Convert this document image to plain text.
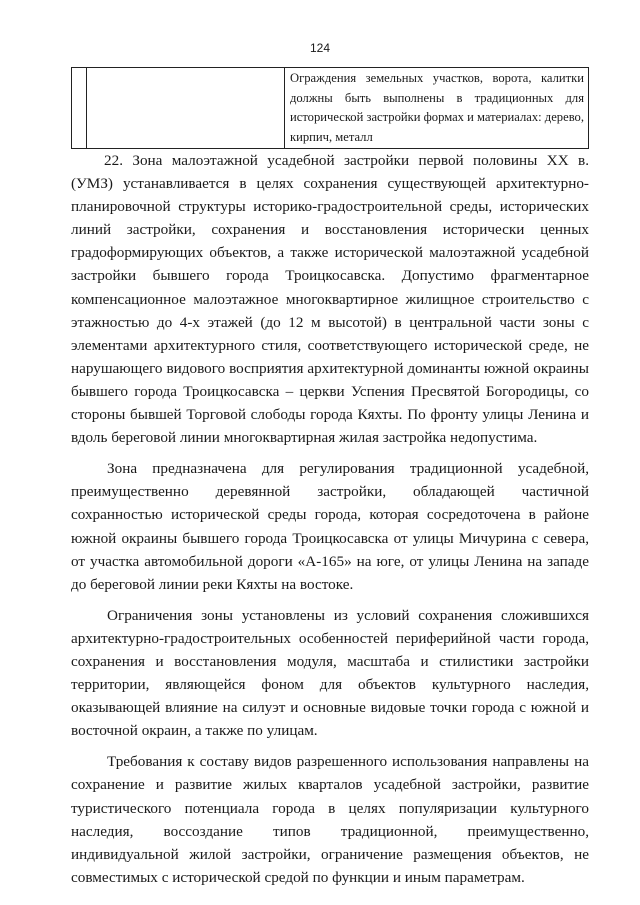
124
		Ограждения земельных участков, ворота, калитки должны быть выполнены в традиционных для исторической застройки формах и материалах: дерево, кирпич, металл

22. Зона малоэтажной усадебной застройки первой половины XX в. (УМЗ) устанавливается в целях сохранения существующей архитектурно-планировочной структуры историко-градостроительной среды, исторических линий застройки, сохранения и восстановления исторически ценных градоформирующих объектов, а также исторической малоэтажной усадебной застройки бывшего города Троицкосавска. Допустимо фрагментарное компенсационное малоэтажное многоквартирное жилищное строительство с этажностью до 4-х этажей (до 12 м высотой) в центральной части зоны с элементами архитектурного стиля, соответствующего исторической среде, не нарушающего видового восприятия архитектурной доминанты южной окраины бывшего города Троицкосавска – церкви Успения Пресвятой Богородицы, со стороны бывшей Торговой слободы города Кяхты. По фронту улицы Ленина и вдоль береговой линии многоквартирная жилая застройка недопустима.

Зона предназначена для регулирования традиционной усадебной, преимущественно деревянной застройки, обладающей частичной сохранностью исторической среды города, которая сосредоточена в районе южной окраины бывшего города Троицкосавска от улицы Мичурина с севера, от участка автомобильной дороги «А-165» на юге, от улицы Ленина на западе до береговой линии реки Кяхты на востоке.

Ограничения зоны установлены из условий сохранения сложившихся архитектурно-градостроительных особенностей периферийной части города, сохранения и восстановления модуля, масштаба и стилистики застройки территории, являющейся фоном для объектов культурного наследия, оказывающей влияние на силуэт и основные видовые точки города с южной и восточной окраин, а также по улицам.

Требования к составу видов разрешенного использования направлены на сохранение и развитие жилых кварталов усадебной застройки, развитие туристического потенциала города в целях популяризации культурного наследия, воссоздание типов традиционной, преимущественно, индивидуальной жилой застройки, ограничение размещения объектов, не совместимых с исторической средой по функции и иным параметрам.
